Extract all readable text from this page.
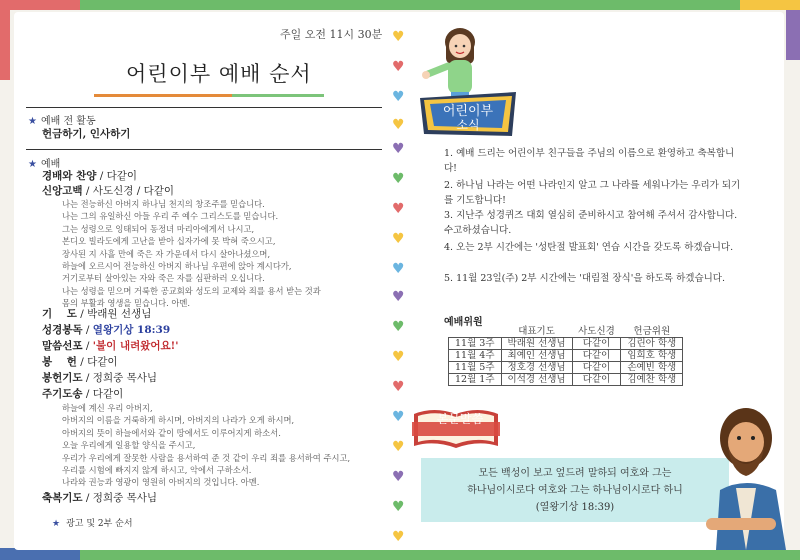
♥
♥
♥
♥
♥
♥
♥
♥
♥
♥
♥
♥
♥
♥
♥
♥
♥
♥
주일 오전 11시 30분
어린이부 예배 순서
★ 예배 전 활동
헌금하기, 인사하기
★ 예배
경배와 찬양 / 다같이
신앙고백 / 사도신경 / 다같이
나는 전능하신 아버지 하나님 천지의 창조주를 믿습니다.
나는 그의 유일하신 아들 우리 주 예수 그리스도를 믿습니다.
그는 성령으로 잉태되어 동정녀 마리아에게서 나시고,
본디오 빌라도에게 고난을 받아 십자가에 못 박혀 죽으시고,
장사된 지 사흘 만에 죽은 자 가운데서 다시 살아나셨으며,
하늘에 오르시어 전능하신 아버지 하나님 우편에 앉아 계시다가,
거기로부터 살아있는 자와 죽은 자를 심판하러 오십니다.
나는 성령을 믿으며 거룩한 공교회와 성도의 교제와 죄를 용서 받는 것과
몸의 부활과 영생을 믿습니다. 아멘.
기    도 / 박래원 선생님
성경봉독 / 열왕기상 18:39
말씀선포 / '불이 내려왔어요!'
봉    헌 / 다같이
봉헌기도 / 정희중 목사님
주기도송 / 다같이
하늘에 계신 우리 아버지,
아버지의 이름을 거룩하게 하시며, 아버지의 나라가 오게 하시며,
아버지의 뜻이 하늘에서와 같이 땅에서도 이루어지게 하소서.
오늘 우리에게 일용할 양식을 주시고,
우리가 우리에게 잘못한 사람을 용서하여 준 것 같이 우리 죄를 용서하여 주시고,
우리를 시험에 빠지지 않게 하시고, 악에서 구하소서.
나라와 권능과 영광이 영원히 아버지의 것입니다. 아멘.
축복기도 / 정희중 목사님
★ 광고 및 2부 순서
어린이부
소식
1. 예배 드리는 어린이부 친구들을 주님의 이름으로 환영하고 축복합니다!
2. 하나님 나라는 어떤 나라인지 알고 그 나라를 세워나가는 우리가 되기를 기도합니다!
3. 지난주 성경퀴즈 대회 열심히 준비하시고 참여해 주셔서 감사합니다. 수고하셨습니다.
4. 오는 2부 시간에는 '성탄절 발표회' 연습 시간을 갖도록 하겠습니다.
5. 11월 23일(주) 2부 시간에는 '대림절 장식'을 하도록 하겠습니다.
예배위원
	대표기도	사도신경	헌금위원
11월 3주	박래원 선생님	다같이	김린아 학생
11월 4주	최예인 선생님	다같이	임희호 학생
11월 5주	정호경 선생님	다같이	손예빈 학생
12월 1주	이석경 선생님	다같이	김예찬 학생
본문말씀
모든 백성이 보고 엎드려 말하되 여호와 그는
하나님이시로다 여호와 그는 하나님이시로다 하니
(열왕기상 18:39)
